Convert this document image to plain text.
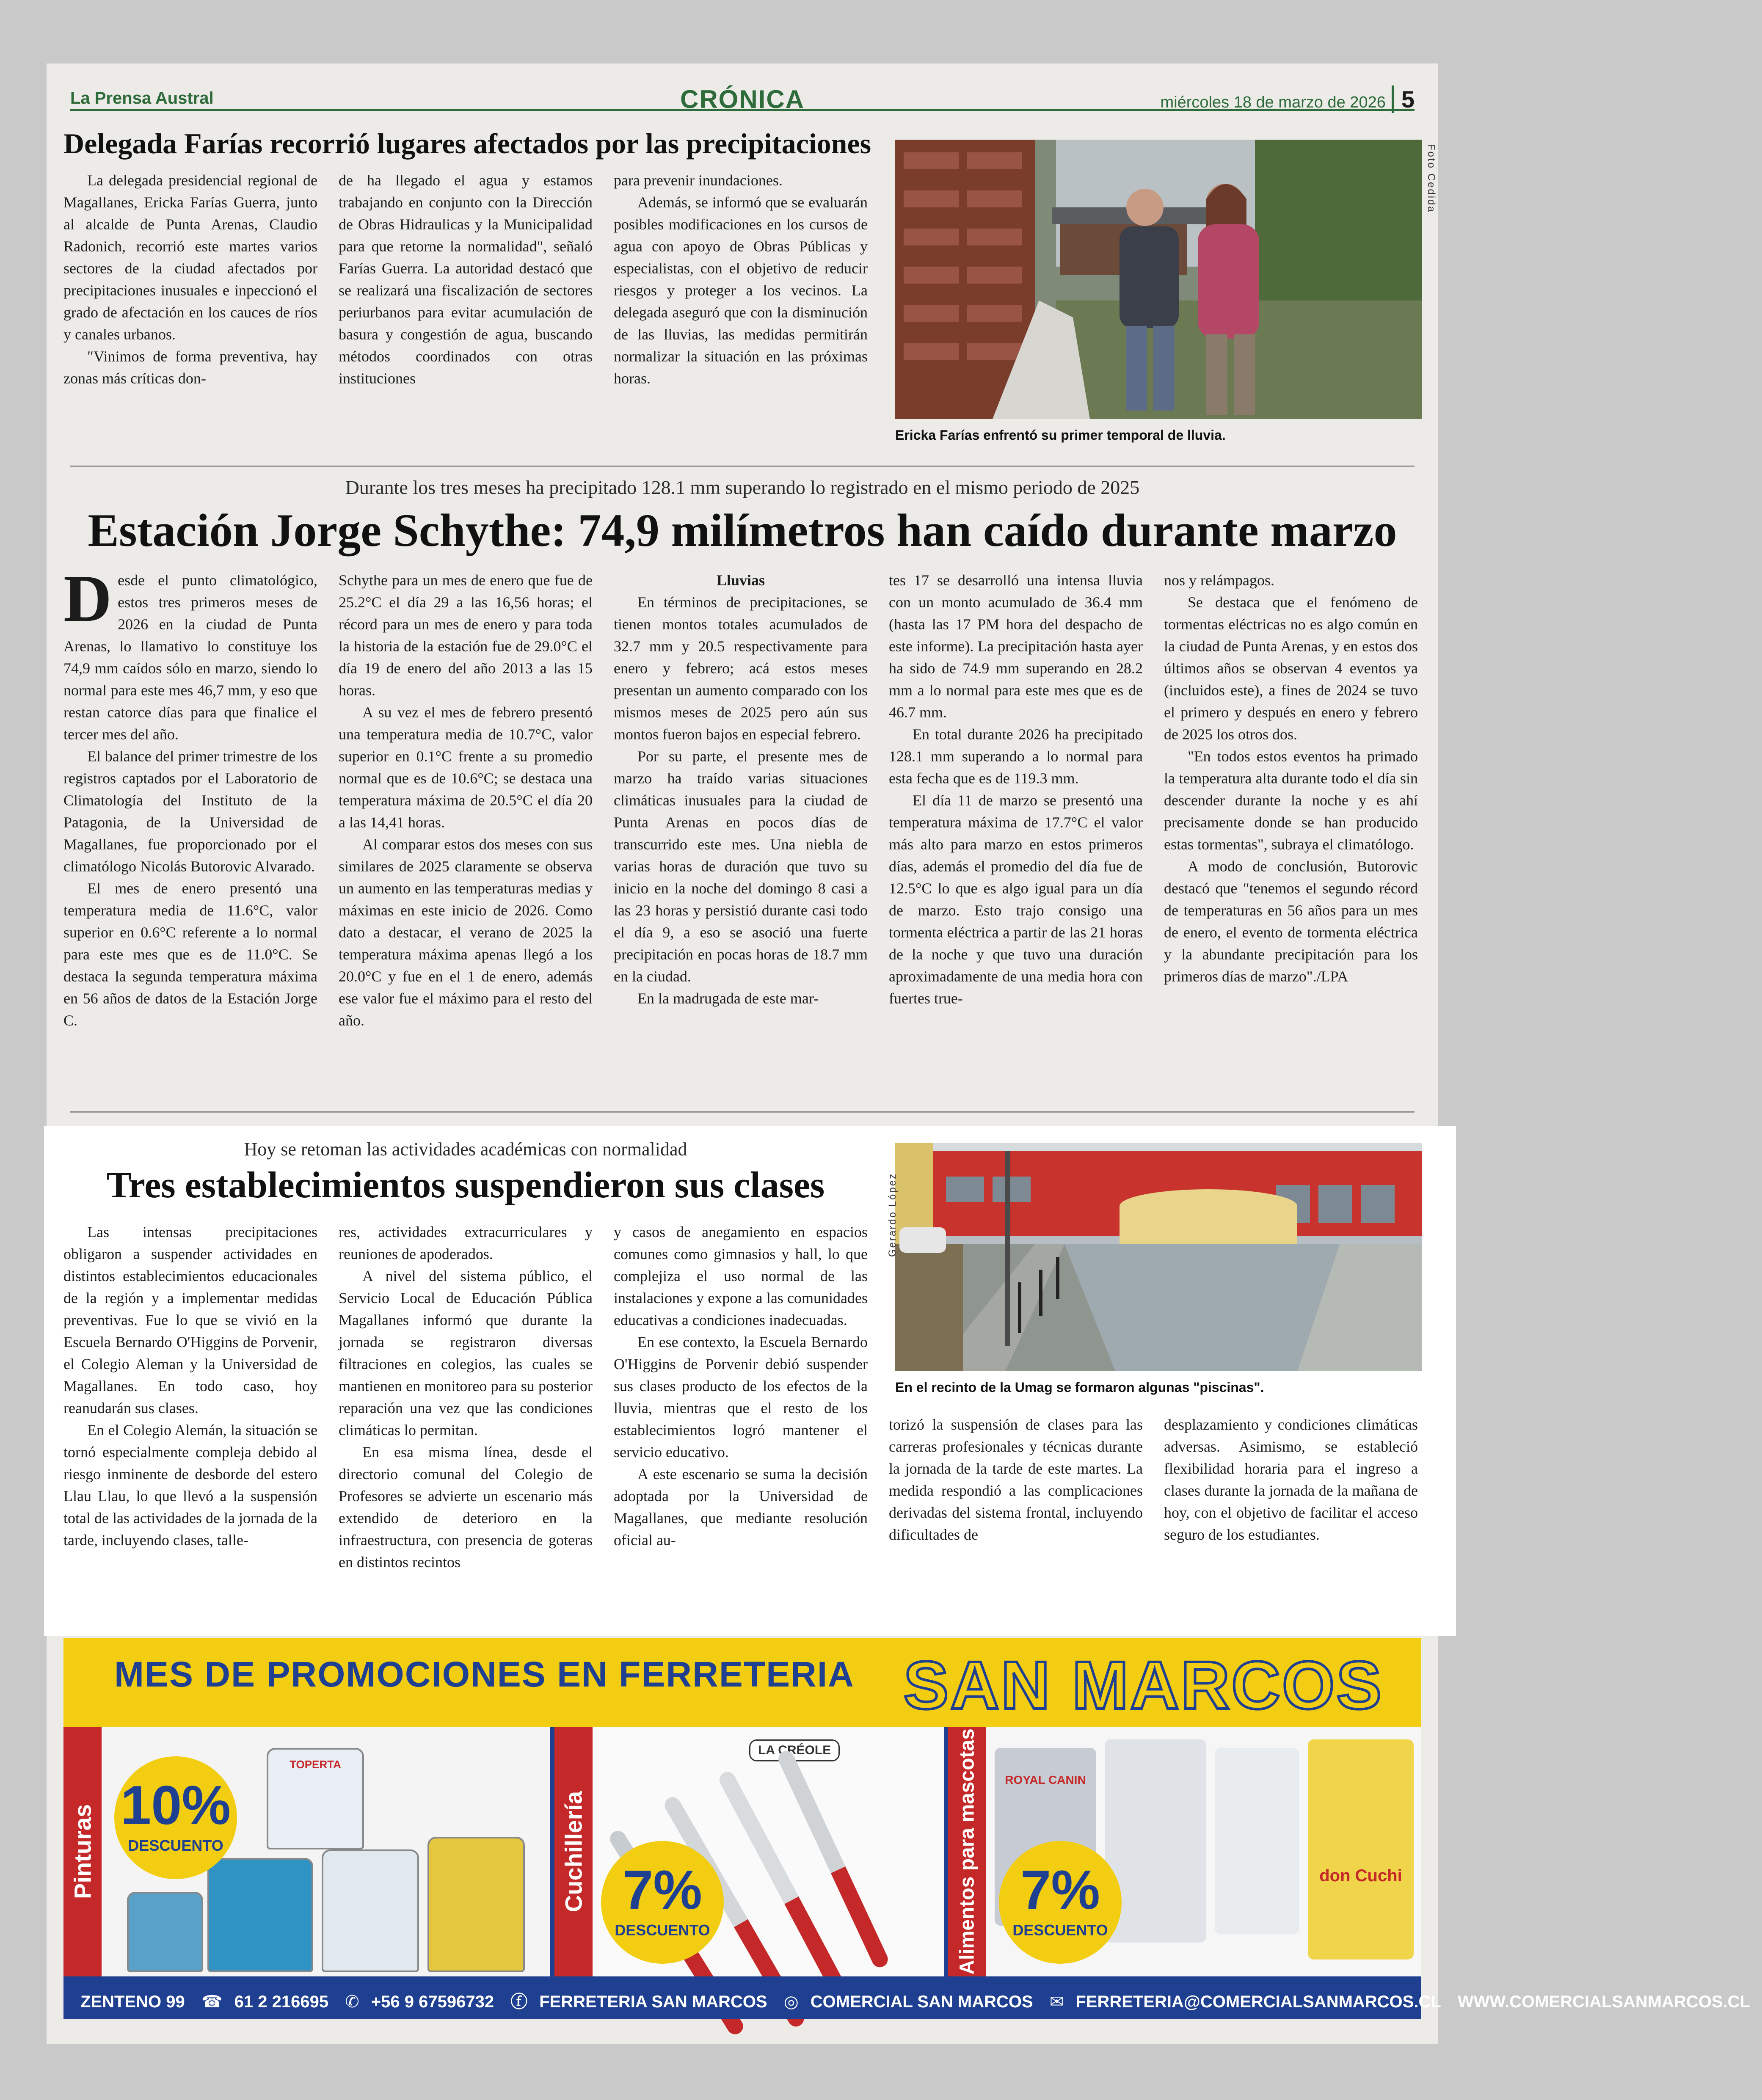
La Prensa Austral	CRÓNICA	miércoles 18 de marzo de 2026 5
Delegada Farías recorrió lugares afectados por las precipitaciones

La delegada presidencial regional de Magallanes, Ericka Farías Guerra, junto al alcalde de Punta Arenas, Claudio Radonich, recorrió este martes varios sectores de la ciudad afectados por precipitaciones inusuales e inpeccionó el grado de afectación en los cauces de ríos y canales urbanos.

"Vinimos de forma preventiva, hay zonas más críticas don-

de ha llegado el agua y estamos trabajando en conjunto con la Dirección de Obras Hidraulicas y la Municipalidad para que retorne la normalidad", señaló Farías Guerra. La autoridad destacó que se realizará una fiscalización de sectores periurbanos para evitar acumulación de basura y congestión de agua, buscando métodos coordinados con otras instituciones

para prevenir inundaciones.

Además, se informó que se evaluarán posibles modificaciones en los cursos de agua con apoyo de Obras Públicas y especialistas, con el objetivo de reducir riesgos y proteger a los vecinos. La delegada aseguró que con la disminución de las lluvias, las medidas permitirán normalizar la situación en las próximas horas.

Foto Cedida
Ericka Farías enfrentó su primer temporal de lluvia.
Durante los tres meses ha precipitado 128.1 mm superando lo registrado en el mismo periodo de 2025
Estación Jorge Schythe: 74,9 milímetros han caído durante marzo
D esde el punto climatológico, estos tres primeros meses de 2026 en la ciudad de Punta Arenas, lo llamativo lo constituye los 74,9 mm caídos sólo en marzo, siendo lo normal para este mes 46,7 mm, y eso que restan catorce días para que finalice el tercer mes del año.

El balance del primer trimestre de los registros captados por el Laboratorio de Climatología del Instituto de la Patagonia, de la Universidad de Magallanes, fue proporcionado por el climatólogo Nicolás Butorovic Alvarado.

El mes de enero presentó una temperatura media de 11.6°C, valor superior en 0.6°C referente a lo normal para este mes que es de 11.0°C. Se destaca la segunda temperatura máxima en 56 años de datos de la Estación Jorge C.

Schythe para un mes de enero que fue de 25.2°C el día 29 a las 16,56 horas; el récord para un mes de enero y para toda la historia de la estación fue de 29.0°C el día 19 de enero del año 2013 a las 15 horas.

A su vez el mes de febrero presentó una temperatura media de 10.7°C, valor superior en 0.1°C frente a su promedio normal que es de 10.6°C; se destaca una temperatura máxima de 20.5°C el día 20 a las 14,41 horas.

Al comparar estos dos meses con sus similares de 2025 claramente se observa un aumento en las temperaturas medias y máximas en este inicio de 2026. Como dato a destacar, el verano de 2025 la temperatura máxima apenas llegó a los 20.0°C y fue en el 1 de enero, además ese valor fue el máximo para el resto del año.

Lluvias

En términos de precipitaciones, se tienen montos totales acumulados de 32.7 mm y 20.5 respectivamente para enero y febrero; acá estos meses presentan un aumento comparado con los mismos meses de 2025 pero aún sus montos fueron bajos en especial febrero.

Por su parte, el presente mes de marzo ha traído varias situaciones climáticas inusuales para la ciudad de Punta Arenas en pocos días de transcurrido este mes. Una niebla de varias horas de duración que tuvo su inicio en la noche del domingo 8 casi a las 23 horas y persistió durante casi todo el día 9, a eso se asoció una fuerte precipitación en pocas horas de 18.7 mm en la ciudad.

En la madrugada de este mar-

tes 17 se desarrolló una intensa lluvia con un monto acumulado de 36.4 mm (hasta las 17 PM hora del despacho de este informe). La precipitación hasta ayer ha sido de 74.9 mm superando en 28.2 mm a lo normal para este mes que es de 46.7 mm.

En total durante 2026 ha precipitado 128.1 mm superando a lo normal para esta fecha que es de 119.3 mm.

El día 11 de marzo se presentó una temperatura máxima de 17.7°C el valor más alto para marzo en estos primeros días, además el promedio del día fue de 12.5°C lo que es algo igual para un día de marzo. Esto trajo consigo una tormenta eléctrica a partir de las 21 horas de la noche y que tuvo una duración aproximadamente de una media hora con fuertes true-

nos y relámpagos.

Se destaca que el fenómeno de tormentas eléctricas no es algo común en la ciudad de Punta Arenas, y en estos dos últimos años se observan 4 eventos ya (incluidos este), a fines de 2024 se tuvo el primero y después en enero y febrero de 2025 los otros dos.

"En todos estos eventos ha primado la temperatura alta durante todo el día sin descender durante la noche y es ahí precisamente donde se han producido estas tormentas", subraya el climatólogo.

A modo de conclusión, Butorovic destacó que "tenemos el segundo récord de temperaturas en 56 años para un mes de enero, el evento de tormenta eléctrica y la abundante precipitación para los primeros días de marzo"./LPA

Hoy se retoman las actividades académicas con normalidad
Tres establecimientos suspendieron sus clases

Las intensas precipitaciones obligaron a suspender actividades en distintos establecimientos educacionales de la región y a implementar medidas preventivas. Fue lo que se vivió en la Escuela Bernardo O'Higgins de Porvenir, el Colegio Aleman y la Universidad de Magallanes. En todo caso, hoy reanudarán sus clases.

En el Colegio Alemán, la situación se tornó especialmente compleja debido al riesgo inminente de desborde del estero Llau Llau, lo que llevó a la suspensión total de las actividades de la jornada de la tarde, incluyendo clases, talle-

res, actividades extracurriculares y reuniones de apoderados.

A nivel del sistema público, el Servicio Local de Educación Pública Magallanes informó que durante la jornada se registraron diversas filtraciones en colegios, las cuales se mantienen en monitoreo para su posterior reparación una vez que las condiciones climáticas lo permitan.

En esa misma línea, desde el directorio comunal del Colegio de Profesores se advierte un escenario más extendido de deterioro en la infraestructura, con presencia de goteras en distintos recintos

y casos de anegamiento en espacios comunes como gimnasios y hall, lo que complejiza el uso normal de las instalaciones y expone a las comunidades educativas a condiciones inadecuadas.

En ese contexto, la Escuela Bernardo O'Higgins de Porvenir debió suspender sus clases producto de los efectos de la lluvia, mientras que el resto de los establecimientos logró mantener el servicio educativo.

A este escenario se suma la decisión adoptada por la Universidad de Magallanes, que mediante resolución oficial au-

Gerardo López
En el recinto de la Umag se formaron algunas "piscinas".

torizó la suspensión de clases para las carreras profesionales y técnicas durante la jornada de la tarde de este martes. La medida respondió a las complicaciones derivadas del sistema frontal, incluyendo dificultades de

desplazamiento y condiciones climáticas adversas. Asimismo, se estableció flexibilidad horaria para el ingreso a clases durante la jornada de la mañana de hoy, con el objetivo de facilitar el acceso seguro de los estudiantes.

MES DE PROMOCIONES EN FERRETERIA SAN MARCOS
Pinturas
TOPERTA
10%
DESCUENTO	Cuchillería
LA CRÉOLE
7%
DESCUENTO	Alimentos para mascotas	ROYAL CANIN
don Cuchi
7%
DESCUENTO
ZENTENO 99 ☎ 61 2 216695 ✆ +56 9 67596732 ⓕ FERRETERIA SAN MARCOS ◎ COMERCIAL SAN MARCOS ✉ FERRETERIA@COMERCIALSANMARCOS.CL WWW.COMERCIALSANMARCOS.CL
